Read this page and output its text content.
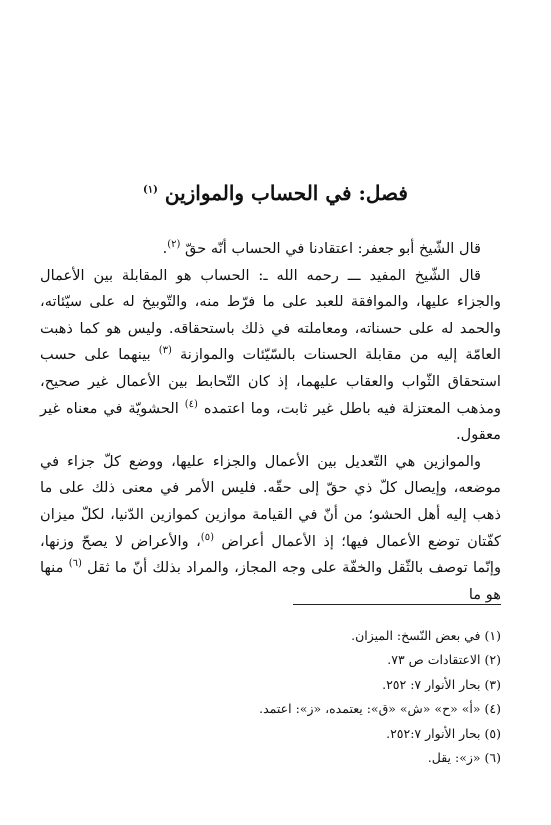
فصل: في الحساب والموازين $^{(١)}$

قال الشّيخ أبو جعفر: اعتقادنا في الحساب أنّه حقّ $^{(٢)}$.

قال الشّيخ المفيد ـــ رحمه الله ـ: الحساب هو المقابلة بين الأعمال والجزاء عليها، والموافقة للعبد على ما فرّط منه، والتّوبيخ له على سيّئاته، والحمد له على حسناته، ومعاملته في ذلك باستحقاقه. وليس هو كما ذهبت العامّة إليه من مقابلة الحسنات بالسّيّئات والموازنة $^{(٣)}$ بينهما على حسب استحقاق الثّواب والعقاب عليهما، إذ كان التّحابط بين الأعمال غير صحيح، ومذهب المعتزلة فيه باطل غير ثابت، وما اعتمده $^{(٤)}$ الحشويّة في معناه غير معقول.

والموازين هي التّعديل بين الأعمال والجزاء عليها، ووضع كلّ جزاء في موضعه، وإيصال كلّ ذي حقّ إلى حقّه. فليس الأمر في معنى ذلك على ما ذهب إليه أهل الحشو؛ من أنّ في القيامة موازين كموازين الدّنيا، لكلّ ميزان كفّتان توضع الأعمال فيها؛ إذ الأعمال أعراض $^{(٥)}$، والأعراض لا يصحّ وزنها، وإنّما توصف بالثّقل والخفّة على وجه المجاز، والمراد بذلك أنّ ما ثقل $^{(٦)}$ منها هو ما

(١) في بعض النّسخ: الميزان.
(٢) الاعتقادات ص ٧٣.
(٣) بحار الأنوار ٧: ٢٥٢.
(٤) «أ» «ح» «ش» «ق»: يعتمده، «ز»: اعتمد.
(٥) بحار الأنوار ٢٥٢:٧.
(٦) «ز»: يقل.
